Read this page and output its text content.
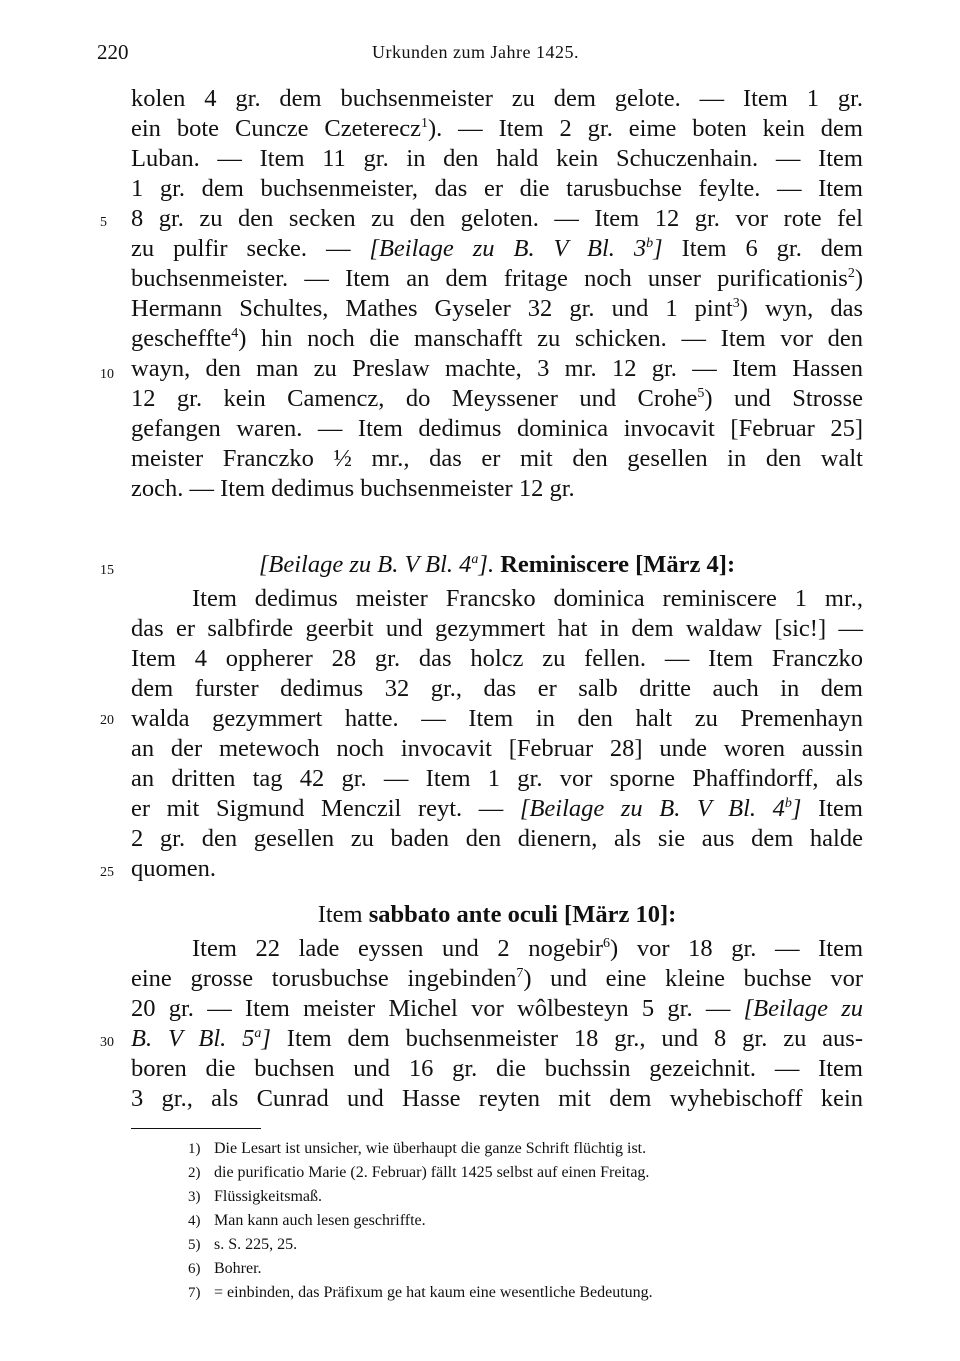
220	Urkunden zum Jahre 1425.
kolen 4 gr. dem buchsenmeister zu dem gelote. — Item 1 gr.
ein bote Cuncze Czeterecz$^1$). — Item 2 gr. eime boten kein dem
Luban. — Item 11 gr. in den hald kein Schuczenhain. — Item
1 gr. dem buchsenmeister, das er die tarusbuchse feylte. — Item
8 gr. zu den secken zu den geloten. — Item 12 gr. vor rote fel
zu pulfir secke. — [Beilage zu B. V Bl. 3$^b$] Item 6 gr. dem
buchsenmeister. — Item an dem fritage noch unser purificationis$^2$)
Hermann Schultes, Mathes Gyseler 32 gr. und 1 pint$^3$) wyn, das
gescheffte$^4$) hin noch die manschafft zu schicken. — Item vor den
wayn, den man zu Preslaw machte, 3 mr. 12 gr. — Item Hassen
12 gr. kein Camencz, do Meyssener und Crohe$^5$) und Strosse
gefangen waren. — Item dedimus dominica invocavit [Februar 25]
meister Franczko ½ mr., das er mit den gesellen in den walt
zoch. — Item dedimus buchsenmeister 12 gr.
[Beilage zu B. V Bl. 4$^a$]. Reminiscere [März 4]:
Item dedimus meister Francsko dominica reminiscere 1 mr.,
das er salbfirde geerbit und gezymmert hat in dem waldaw [sic!] —
Item 4 oppherer 28 gr. das holcz zu fellen. — Item Franczko
dem furster dedimus 32 gr., das er salb dritte auch in dem
walda gezymmert hatte. — Item in den halt zu Premenhayn
an der metewoch noch invocavit [Februar 28] unde woren aussin
an dritten tag 42 gr. — Item 1 gr. vor sporne Phaffindorff, als
er mit Sigmund Menczil reyt. — [Beilage zu B. V Bl. 4$^b$] Item
2 gr. den gesellen zu baden den dienern, als sie aus dem halde
quomen.
Item sabbato ante oculi [März 10]:
Item 22 lade eyssen und 2 nogebir$^6$) vor 18 gr. — Item
eine grosse torusbuchse ingebinden$^7$) und eine kleine buchse vor
20 gr. — Item meister Michel vor wôlbesteyn 5 gr. — [Beilage zu
B. V Bl. 5$^a$] Item dem buchsenmeister 18 gr., und 8 gr. zu aus-
boren die buchsen und 16 gr. die buchssin gezeichnit. — Item
3 gr., als Cunrad und Hasse reyten mit dem wyhebischoff kein
5
10
15
20
25
30
1) Die Lesart ist unsicher, wie überhaupt die ganze Schrift flüchtig ist.
2) die purificatio Marie (2. Februar) fällt 1425 selbst auf einen Freitag.
3) Flüssigkeitsmaß.
4) Man kann auch lesen geschriffte.
5) s. S. 225, 25.
6) Bohrer.
7) = einbinden, das Präfixum ge hat kaum eine wesentliche Bedeutung.
